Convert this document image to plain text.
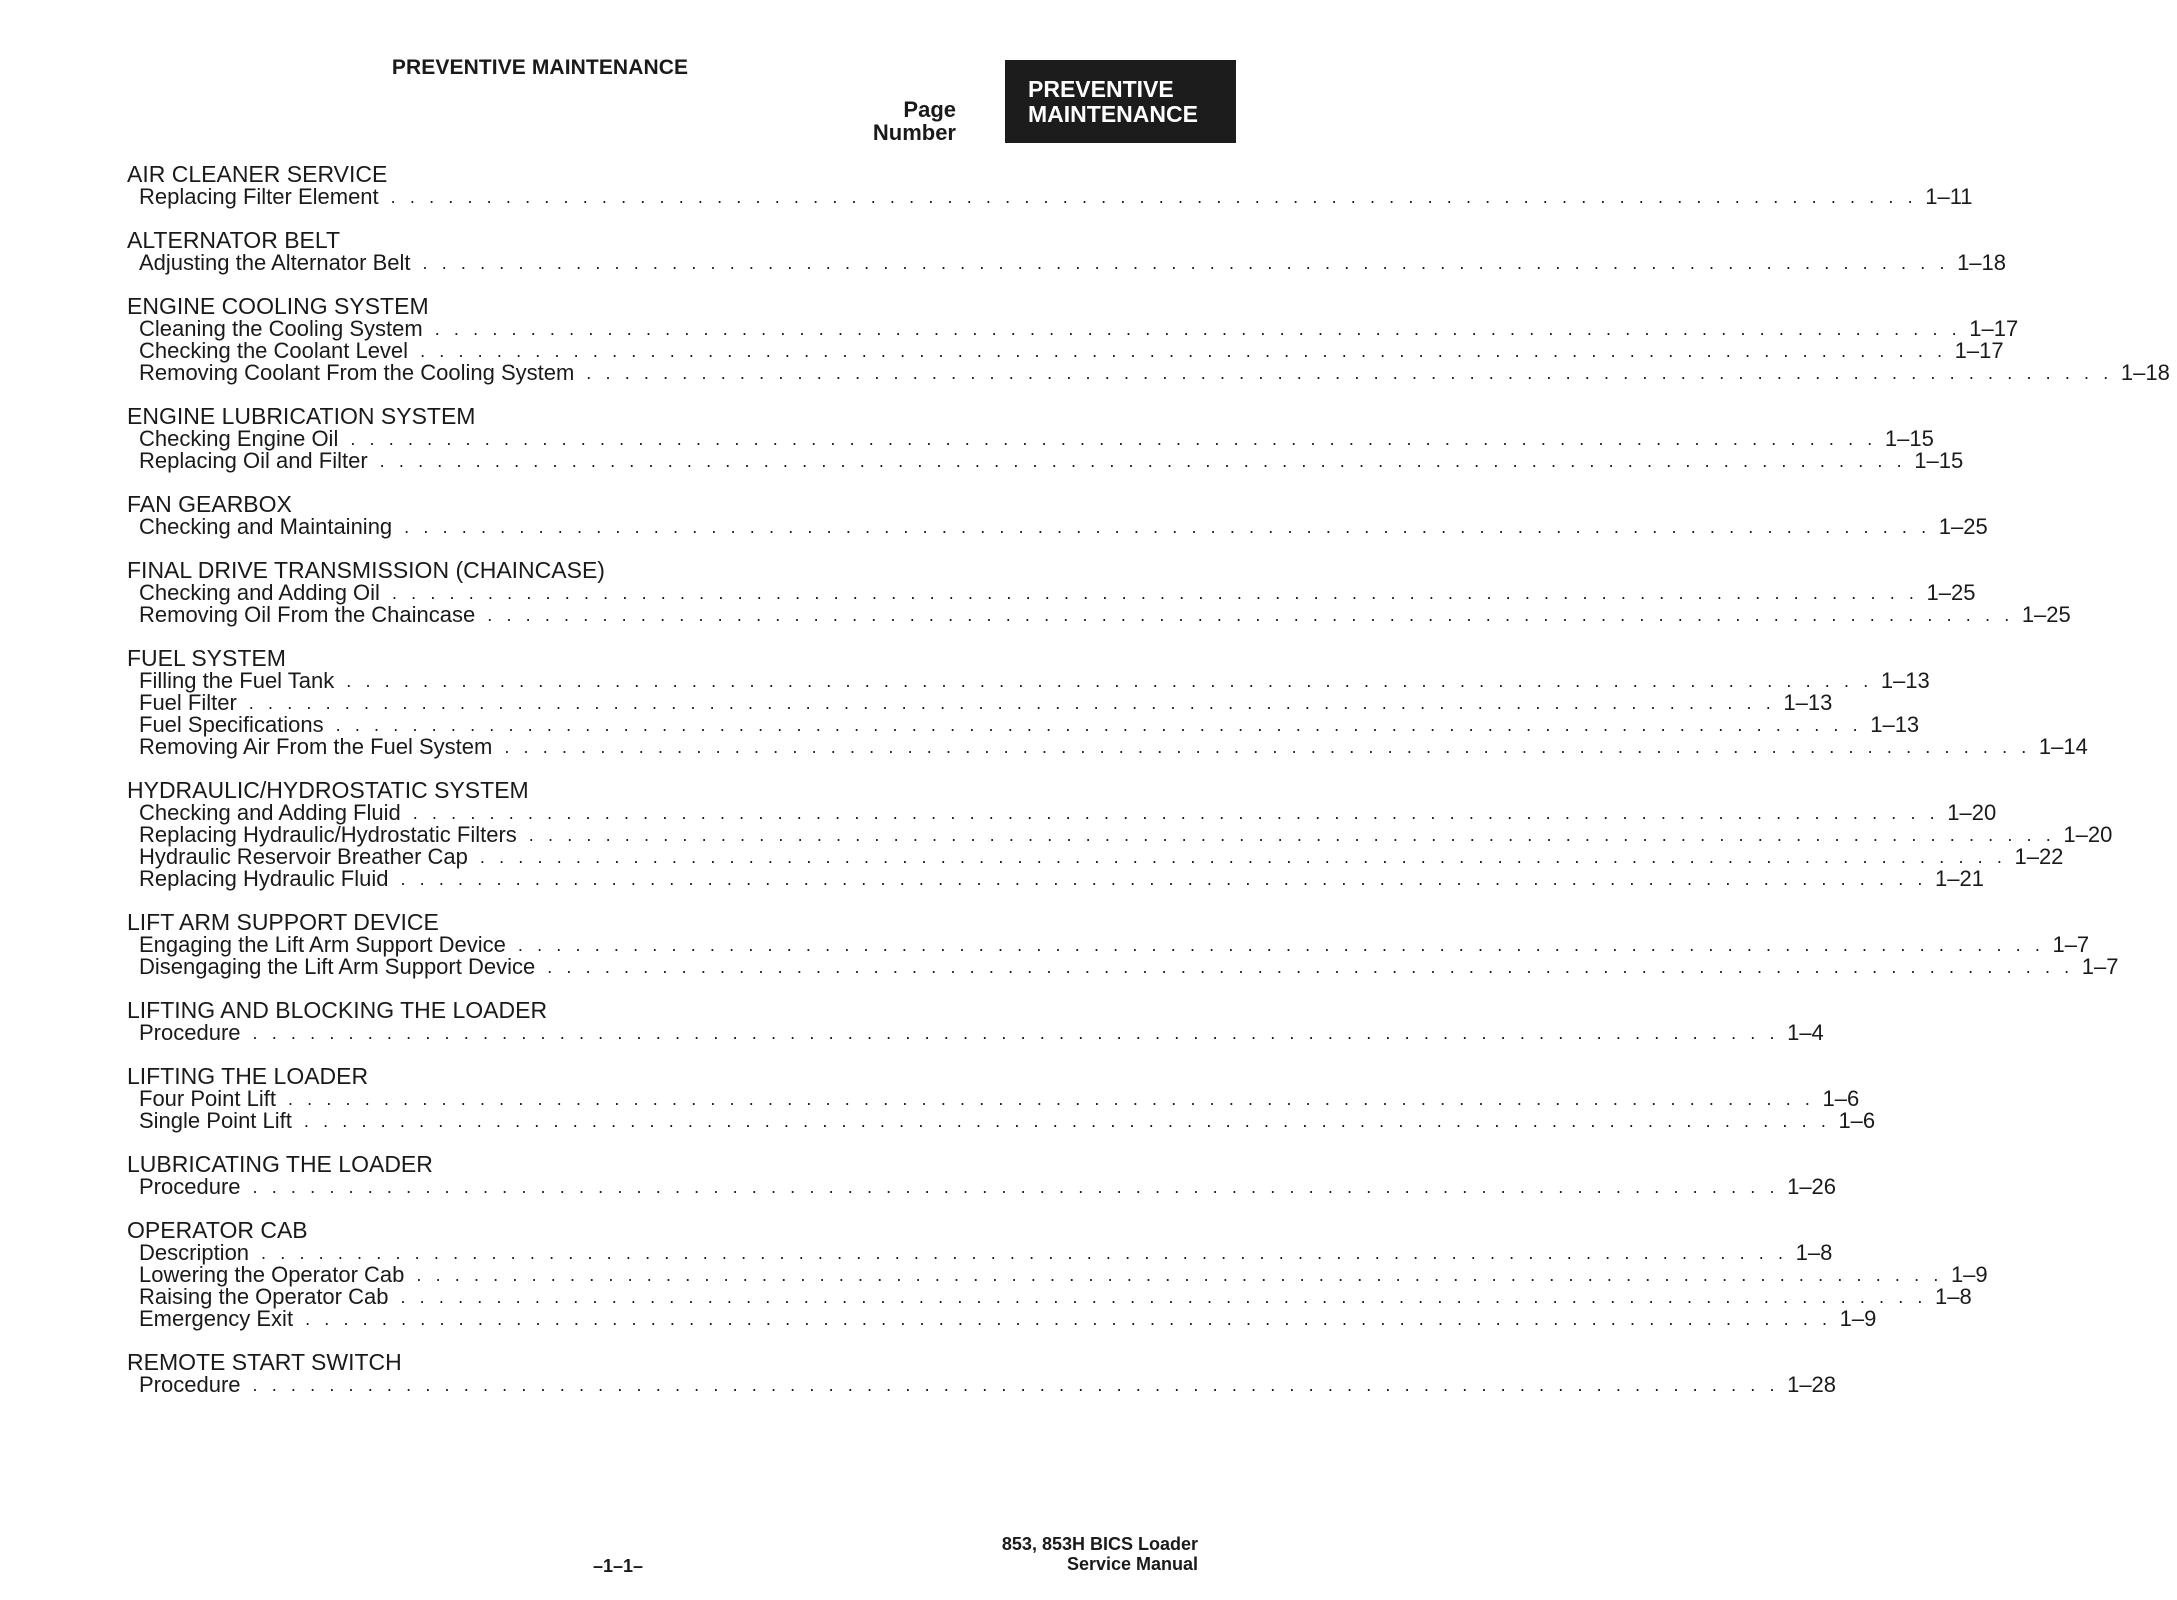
PREVENTIVE MAINTENANCE
PREVENTIVE
MAINTENANCE
Page
Number
AIR CLEANER SERVICE
Replacing Filter Element . . . . . . . . . . . . . . . . . . . . . . . . . . . . . . . . . . . . . . . . . . . . . . . . . . . . . . . . . . . . . . . . . . . . . . . . . . . . . . . . 1–11
ALTERNATOR BELT
Adjusting the Alternator Belt . . . . . . . . . . . . . . . . . . . . . . . . . . . . . . . . . . . . . . . . . . . . . . . . . . . . . . . . . . . . . . . . . . . . . . . . . . . . . . . . 1–18
ENGINE COOLING SYSTEM
Cleaning the Cooling System . . . . . . . . . . . . . . . . . . . . . . . . . . . . . . . . . . . . . . . . . . . . . . . . . . . . . . . . . . . . . . . . . . . . . . . . . . . . . . . . 1–17
Checking the Coolant Level . . . . . . . . . . . . . . . . . . . . . . . . . . . . . . . . . . . . . . . . . . . . . . . . . . . . . . . . . . . . . . . . . . . . . . . . . . . . . . . . 1–17
Removing Coolant From the Cooling System . . . . . . . . . . . . . . . . . . . . . . . . . . . . . . . . . . . . . . . . . . . . . . . . . . . . . . . . . . . . . . . . . . . . . . . . . . . . . . . . 1–18
ENGINE LUBRICATION SYSTEM
Checking Engine Oil . . . . . . . . . . . . . . . . . . . . . . . . . . . . . . . . . . . . . . . . . . . . . . . . . . . . . . . . . . . . . . . . . . . . . . . . . . . . . . . . 1–15
Replacing Oil and Filter . . . . . . . . . . . . . . . . . . . . . . . . . . . . . . . . . . . . . . . . . . . . . . . . . . . . . . . . . . . . . . . . . . . . . . . . . . . . . . . . 1–15
FAN GEARBOX
Checking and Maintaining . . . . . . . . . . . . . . . . . . . . . . . . . . . . . . . . . . . . . . . . . . . . . . . . . . . . . . . . . . . . . . . . . . . . . . . . . . . . . . . . 1–25
FINAL DRIVE TRANSMISSION (CHAINCASE)
Checking and Adding Oil . . . . . . . . . . . . . . . . . . . . . . . . . . . . . . . . . . . . . . . . . . . . . . . . . . . . . . . . . . . . . . . . . . . . . . . . . . . . . . . . 1–25
Removing Oil From the Chaincase . . . . . . . . . . . . . . . . . . . . . . . . . . . . . . . . . . . . . . . . . . . . . . . . . . . . . . . . . . . . . . . . . . . . . . . . . . . . . . . . 1–25
FUEL SYSTEM
Filling the Fuel Tank . . . . . . . . . . . . . . . . . . . . . . . . . . . . . . . . . . . . . . . . . . . . . . . . . . . . . . . . . . . . . . . . . . . . . . . . . . . . . . . . 1–13
Fuel Filter . . . . . . . . . . . . . . . . . . . . . . . . . . . . . . . . . . . . . . . . . . . . . . . . . . . . . . . . . . . . . . . . . . . . . . . . . . . . . . . . 1–13
Fuel Specifications . . . . . . . . . . . . . . . . . . . . . . . . . . . . . . . . . . . . . . . . . . . . . . . . . . . . . . . . . . . . . . . . . . . . . . . . . . . . . . . . 1–13
Removing Air From the Fuel System . . . . . . . . . . . . . . . . . . . . . . . . . . . . . . . . . . . . . . . . . . . . . . . . . . . . . . . . . . . . . . . . . . . . . . . . . . . . . . . . 1–14
HYDRAULIC/HYDROSTATIC SYSTEM
Checking and Adding Fluid . . . . . . . . . . . . . . . . . . . . . . . . . . . . . . . . . . . . . . . . . . . . . . . . . . . . . . . . . . . . . . . . . . . . . . . . . . . . . . . . 1–20
Replacing Hydraulic/Hydrostatic Filters . . . . . . . . . . . . . . . . . . . . . . . . . . . . . . . . . . . . . . . . . . . . . . . . . . . . . . . . . . . . . . . . . . . . . . . . . . . . . . . . 1–20
Hydraulic Reservoir Breather Cap . . . . . . . . . . . . . . . . . . . . . . . . . . . . . . . . . . . . . . . . . . . . . . . . . . . . . . . . . . . . . . . . . . . . . . . . . . . . . . . . 1–22
Replacing Hydraulic Fluid . . . . . . . . . . . . . . . . . . . . . . . . . . . . . . . . . . . . . . . . . . . . . . . . . . . . . . . . . . . . . . . . . . . . . . . . . . . . . . . . 1–21
LIFT ARM SUPPORT DEVICE
Engaging the Lift Arm Support Device . . . . . . . . . . . . . . . . . . . . . . . . . . . . . . . . . . . . . . . . . . . . . . . . . . . . . . . . . . . . . . . . . . . . . . . . . . . . . . . . 1–7
Disengaging the Lift Arm Support Device . . . . . . . . . . . . . . . . . . . . . . . . . . . . . . . . . . . . . . . . . . . . . . . . . . . . . . . . . . . . . . . . . . . . . . . . . . . . . . . . 1–7
LIFTING AND BLOCKING THE LOADER
Procedure . . . . . . . . . . . . . . . . . . . . . . . . . . . . . . . . . . . . . . . . . . . . . . . . . . . . . . . . . . . . . . . . . . . . . . . . . . . . . . . . 1–4
LIFTING THE LOADER
Four Point Lift . . . . . . . . . . . . . . . . . . . . . . . . . . . . . . . . . . . . . . . . . . . . . . . . . . . . . . . . . . . . . . . . . . . . . . . . . . . . . . . . 1–6
Single Point Lift . . . . . . . . . . . . . . . . . . . . . . . . . . . . . . . . . . . . . . . . . . . . . . . . . . . . . . . . . . . . . . . . . . . . . . . . . . . . . . . . 1–6
LUBRICATING THE LOADER
Procedure . . . . . . . . . . . . . . . . . . . . . . . . . . . . . . . . . . . . . . . . . . . . . . . . . . . . . . . . . . . . . . . . . . . . . . . . . . . . . . . . 1–26
OPERATOR CAB
Description . . . . . . . . . . . . . . . . . . . . . . . . . . . . . . . . . . . . . . . . . . . . . . . . . . . . . . . . . . . . . . . . . . . . . . . . . . . . . . . . 1–8
Lowering the Operator Cab . . . . . . . . . . . . . . . . . . . . . . . . . . . . . . . . . . . . . . . . . . . . . . . . . . . . . . . . . . . . . . . . . . . . . . . . . . . . . . . . 1–9
Raising the Operator Cab . . . . . . . . . . . . . . . . . . . . . . . . . . . . . . . . . . . . . . . . . . . . . . . . . . . . . . . . . . . . . . . . . . . . . . . . . . . . . . . . 1–8
Emergency Exit . . . . . . . . . . . . . . . . . . . . . . . . . . . . . . . . . . . . . . . . . . . . . . . . . . . . . . . . . . . . . . . . . . . . . . . . . . . . . . . . 1–9
REMOTE START SWITCH
Procedure . . . . . . . . . . . . . . . . . . . . . . . . . . . . . . . . . . . . . . . . . . . . . . . . . . . . . . . . . . . . . . . . . . . . . . . . . . . . . . . . 1–28
–1–1–
853, 853H BICS Loader
Service Manual
